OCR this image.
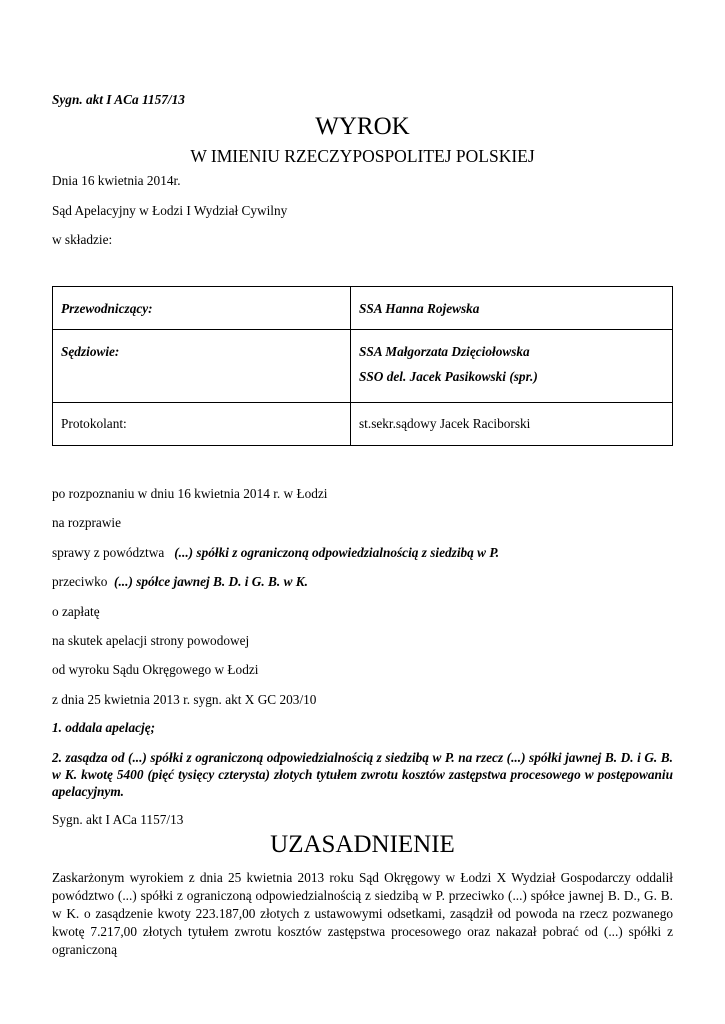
Sygn. akt I ACa 1157/13
WYROK
W IMIENIU RZECZYPOSPOLITEJ POLSKIEJ
Dnia 16 kwietnia 2014r.
Sąd Apelacyjny w Łodzi I Wydział Cywilny
w składzie:
Przewodniczący:	SSA Hanna Rojewska
Sędziowie:	SSA Małgorzata Dzięciołowska
SSO del. Jacek Pasikowski (spr.)
Protokolant:	st.sekr.sądowy Jacek Raciborski
po rozpoznaniu w dniu 16 kwietnia 2014 r. w Łodzi
na rozprawie
sprawy z powództwa (...) spółki z ograniczoną odpowiedzialnością z siedzibą w P.
przeciwko (...) spółce jawnej B. D. i G. B. w K.
o zapłatę
na skutek apelacji strony powodowej
od wyroku Sądu Okręgowego w Łodzi
z dnia 25 kwietnia 2013 r. sygn. akt X GC 203/10
1. oddala apelację;
2. zasądza od (...) spółki z ograniczoną odpowiedzialnością z siedzibą w P. na rzecz (...) spółki jawnej B. D. i G. B. w K. kwotę 5400 (pięć tysięcy czterysta) złotych tytułem zwrotu kosztów zastępstwa procesowego w postępowaniu apelacyjnym.
Sygn. akt I ACa 1157/13
UZASADNIENIE
Zaskarżonym wyrokiem z dnia 25 kwietnia 2013 roku Sąd Okręgowy w Łodzi X Wydział Gospodarczy oddalił powództwo (...) spółki z ograniczoną odpowiedzialnością z siedzibą w P. przeciwko (...) spółce jawnej B. D., G. B. w K. o zasądzenie kwoty 223.187,00 złotych z ustawowymi odsetkami, zasądził od powoda na rzecz pozwanego kwotę 7.217,00 złotych tytułem zwrotu kosztów zastępstwa procesowego oraz nakazał pobrać od (...) spółki z ograniczoną
